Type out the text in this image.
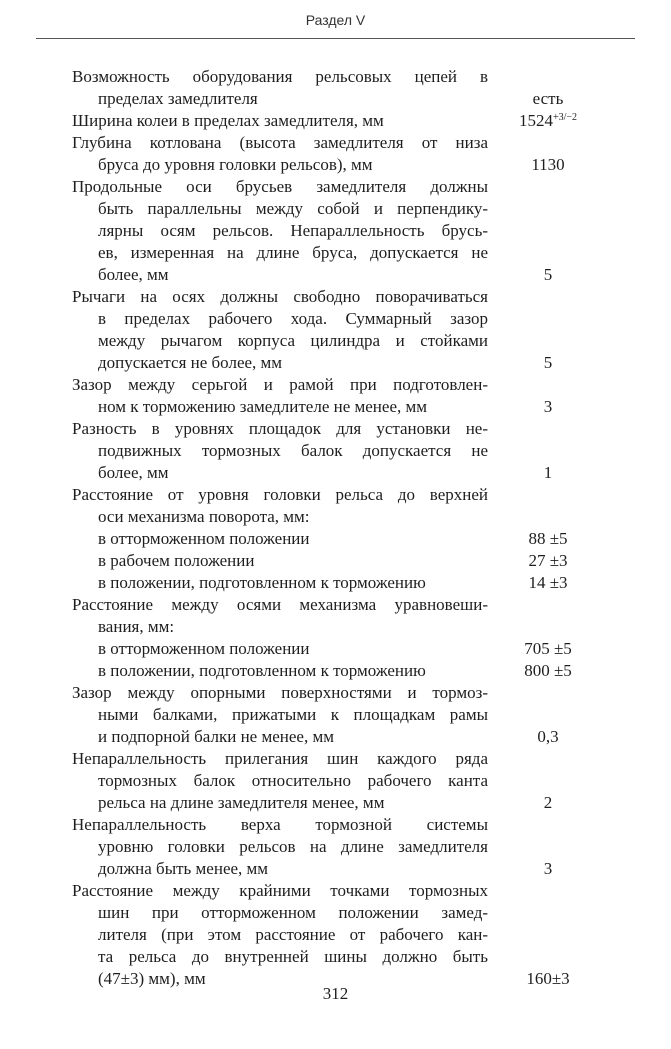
Раздел V
Возможность оборудования рельсовых цепей в
пределах замедлителя	есть
Ширина колеи в пределах замедлителя, мм	$1524^{+3/-2}$
Глубина котлована (высота замедлителя от низа
бруса до уровня головки рельсов), мм	1130
Продольные оси брусьев замедлителя должны
быть параллельны между собой и перпендику-
лярны осям рельсов. Непараллельность брусь-
ев, измеренная на длине бруса, допускается не
более, мм	5
Рычаги на осях должны свободно поворачиваться
в пределах рабочего хода. Суммарный зазор
между рычагом корпуса цилиндра и стойками
допускается не более, мм	5
Зазор между серьгой и рамой при подготовлен-
ном к торможению замедлителе не менее, мм	3
Разность в уровнях площадок для установки не-
подвижных тормозных балок допускается не
более, мм	1
Расстояние от уровня головки рельса до верхней
оси механизма поворота, мм:
в отторможенном положении	88 ±5
в рабочем положении	27 ±3
в положении, подготовленном к торможению	14 ±3
Расстояние между осями механизма уравновеши-
вания, мм:
в отторможенном положении	705 ±5
в положении, подготовленном к торможению	800 ±5
Зазор между опорными поверхностями и тормоз-
ными балками, прижатыми к площадкам рамы
и подпорной балки не менее, мм	0,3
Непараллельность прилегания шин каждого ряда
тормозных балок относительно рабочего канта
рельса на длине замедлителя менее, мм	2
Непараллельность верха тормозной системы
уровню головки рельсов на длине замедлителя
должна быть менее, мм	3
Расстояние между крайними точками тормозных
шин при отторможенном положении замед-
лителя (при этом расстояние от рабочего кан-
та рельса до внутренней шины должно быть
(47±3) мм), мм	160±3
312
